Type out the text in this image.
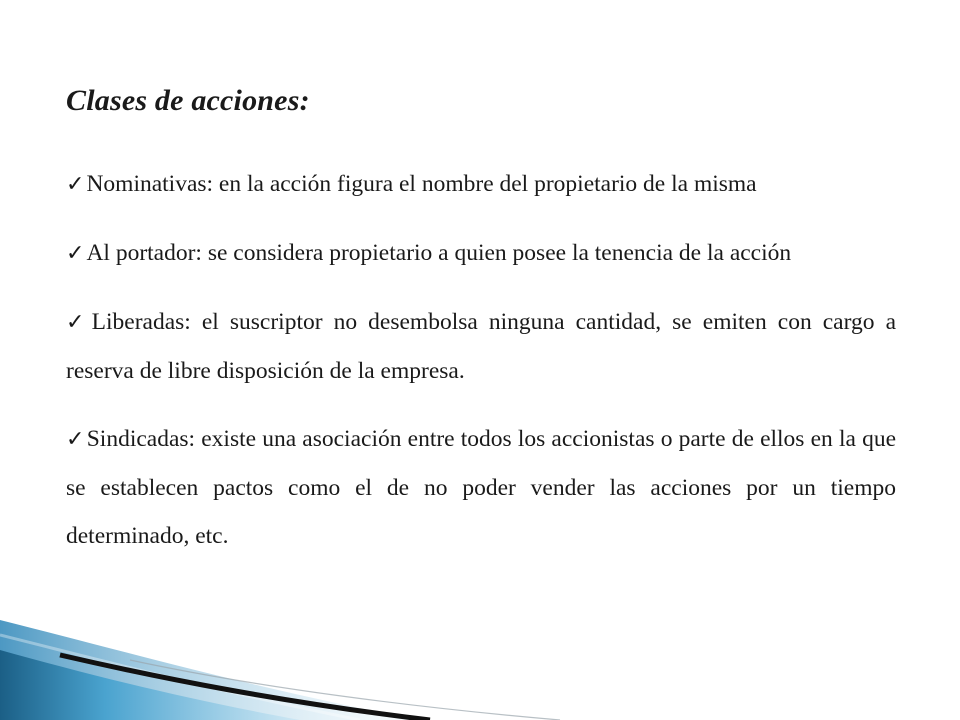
Clases de acciones:
✓Nominativas: en la acción figura el nombre del propietario de la misma
✓Al portador: se considera propietario a quien posee la tenencia de la acción
✓Liberadas: el suscriptor no desembolsa ninguna cantidad, se emiten con cargo a reserva de libre disposición de la empresa.
✓Sindicadas: existe una asociación entre todos los accionistas o parte de ellos en la que se establecen pactos como el de no poder vender las acciones por un tiempo determinado, etc.
